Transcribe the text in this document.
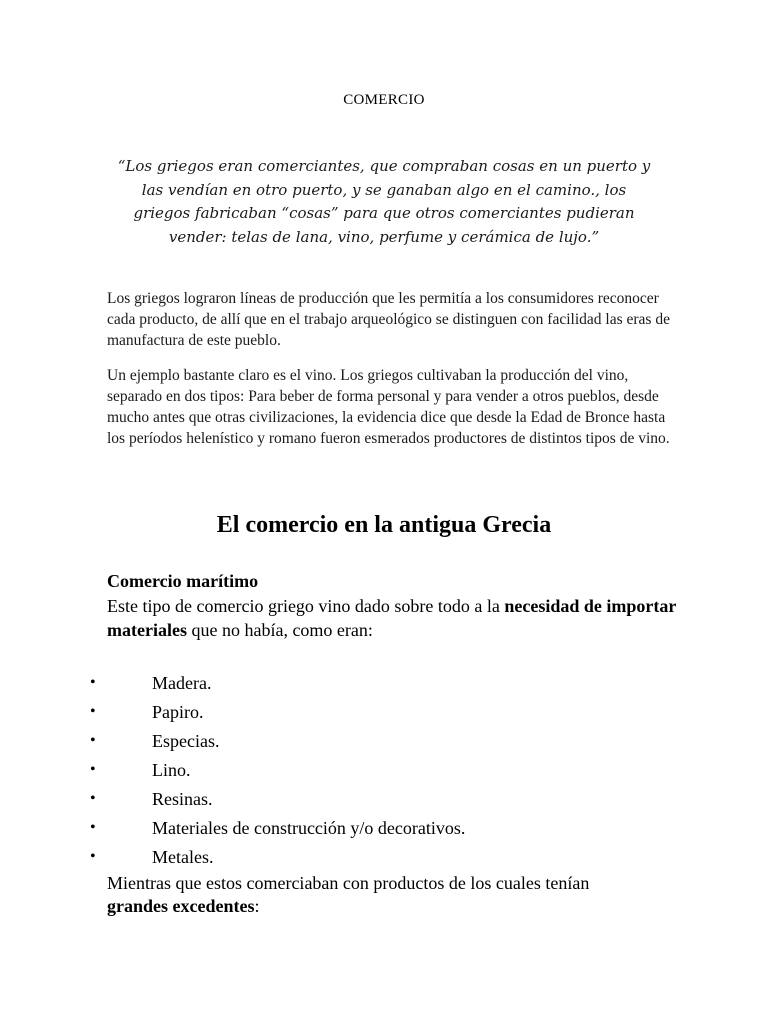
COMERCIO
“Los griegos eran comerciantes, que compraban cosas en un puerto y las vendían en otro puerto, y se ganaban algo en el camino., los griegos fabricaban “cosas” para que otros comerciantes pudieran vender: telas de lana, vino, perfume y cerámica de lujo.”

Los griegos lograron líneas de producción que les permitía a los consumidores reconocer cada producto, de allí que en el trabajo arqueológico se distinguen con facilidad las eras de manufactura de este pueblo.

Un ejemplo bastante claro es el vino. Los griegos cultivaban la producción del vino, separado en dos tipos: Para beber de forma personal y para vender a otros pueblos, desde mucho antes que otras civilizaciones, la evidencia dice que desde la Edad de Bronce hasta los períodos helenístico y romano fueron esmerados productores de distintos tipos de vino.

El comercio en la antigua Grecia
Comercio marítimo

Este tipo de comercio griego vino dado sobre todo a la necesidad de importar materiales que no había, como eran:

•	Madera.
•	Papiro.
•	Especias.
•	Lino.
•	Resinas.
•	Materiales de construcción y/o decorativos.
•	Metales.

Mientras que estos comerciaban con productos de los cuales tenían grandes excedentes:
